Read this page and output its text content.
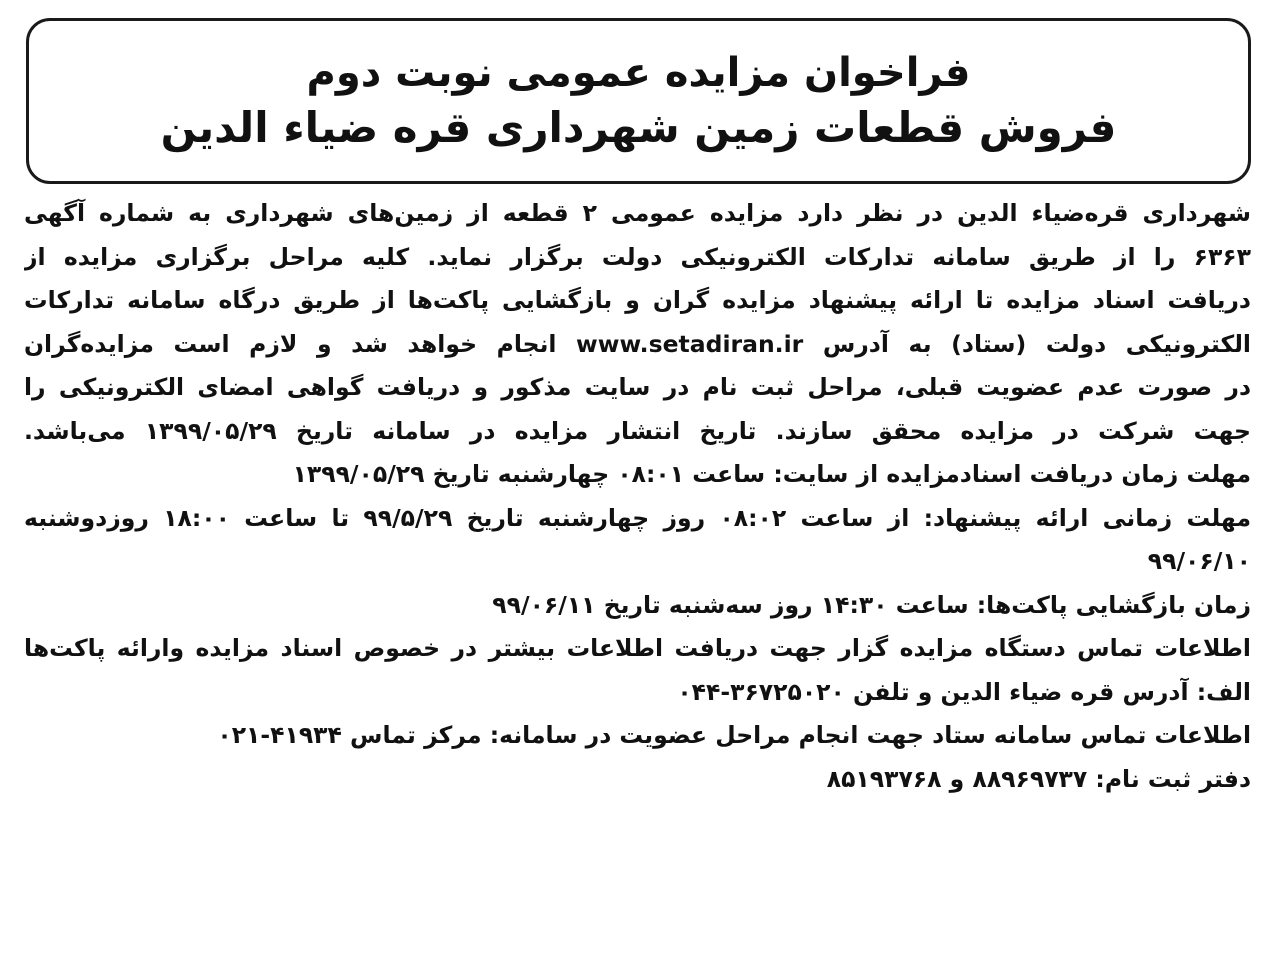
فراخوان مزایده عمومی نوبت دوم
فروش قطعات زمین شهرداری قره ضیاء الدین
شهرداری قره‌ضیاء الدین در نظر دارد مزایده عمومی ۲ قطعه از زمین‌های شهرداری به شماره آگهی
۶۳۶۳ را از طریق سامانه تدارکات الکترونیکی دولت برگزار نماید. کلیه مراحل برگزاری مزایده از
دریافت اسناد مزایده تا ارائه پیشنهاد مزایده گران و بازگشایی پاکت‌ها از طریق درگاه سامانه تدارکات
الکترونیکی دولت (ستاد) به آدرس www.setadiran.ir انجام خواهد شد و لازم است مزایده‌گران
در صورت عدم عضویت قبلی، مراحل ثبت نام در سایت مذکور و دریافت گواهی امضای الکترونیکی را
جهت شرکت در مزایده محقق سازند. تاریخ انتشار مزایده در سامانه تاریخ ۱۳۹۹/۰۵/۲۹ می‌باشد.
مهلت زمان دریافت اسنادمزایده از سایت: ساعت ۰۸:۰۱ چهارشنبه تاریخ ۱۳۹۹/۰۵/۲۹
مهلت زمانی ارائه پیشنهاد: از ساعت ۰۸:۰۲ روز چهارشنبه تاریخ ۹۹/۵/۲۹ تا ساعت ۱۸:۰۰ روزدوشنبه
۹۹/۰۶/۱۰
زمان بازگشایی پاکت‌ها: ساعت ۱۴:۳۰ روز سه‌شنبه تاریخ ۹۹/۰۶/۱۱
اطلاعات تماس دستگاه مزایده گزار جهت دریافت اطلاعات بیشتر در خصوص اسناد مزایده وارائه پاکت‌ها
الف: آدرس قره ضیاء الدین و تلفن ۳۶۷۲۵۰۲۰-۰۴۴
اطلاعات تماس سامانه ستاد جهت انجام مراحل عضویت در سامانه: مرکز تماس ۴۱۹۳۴-۰۲۱
دفتر ثبت نام: ۸۸۹۶۹۷۳۷ و ۸۵۱۹۳۷۶۸
